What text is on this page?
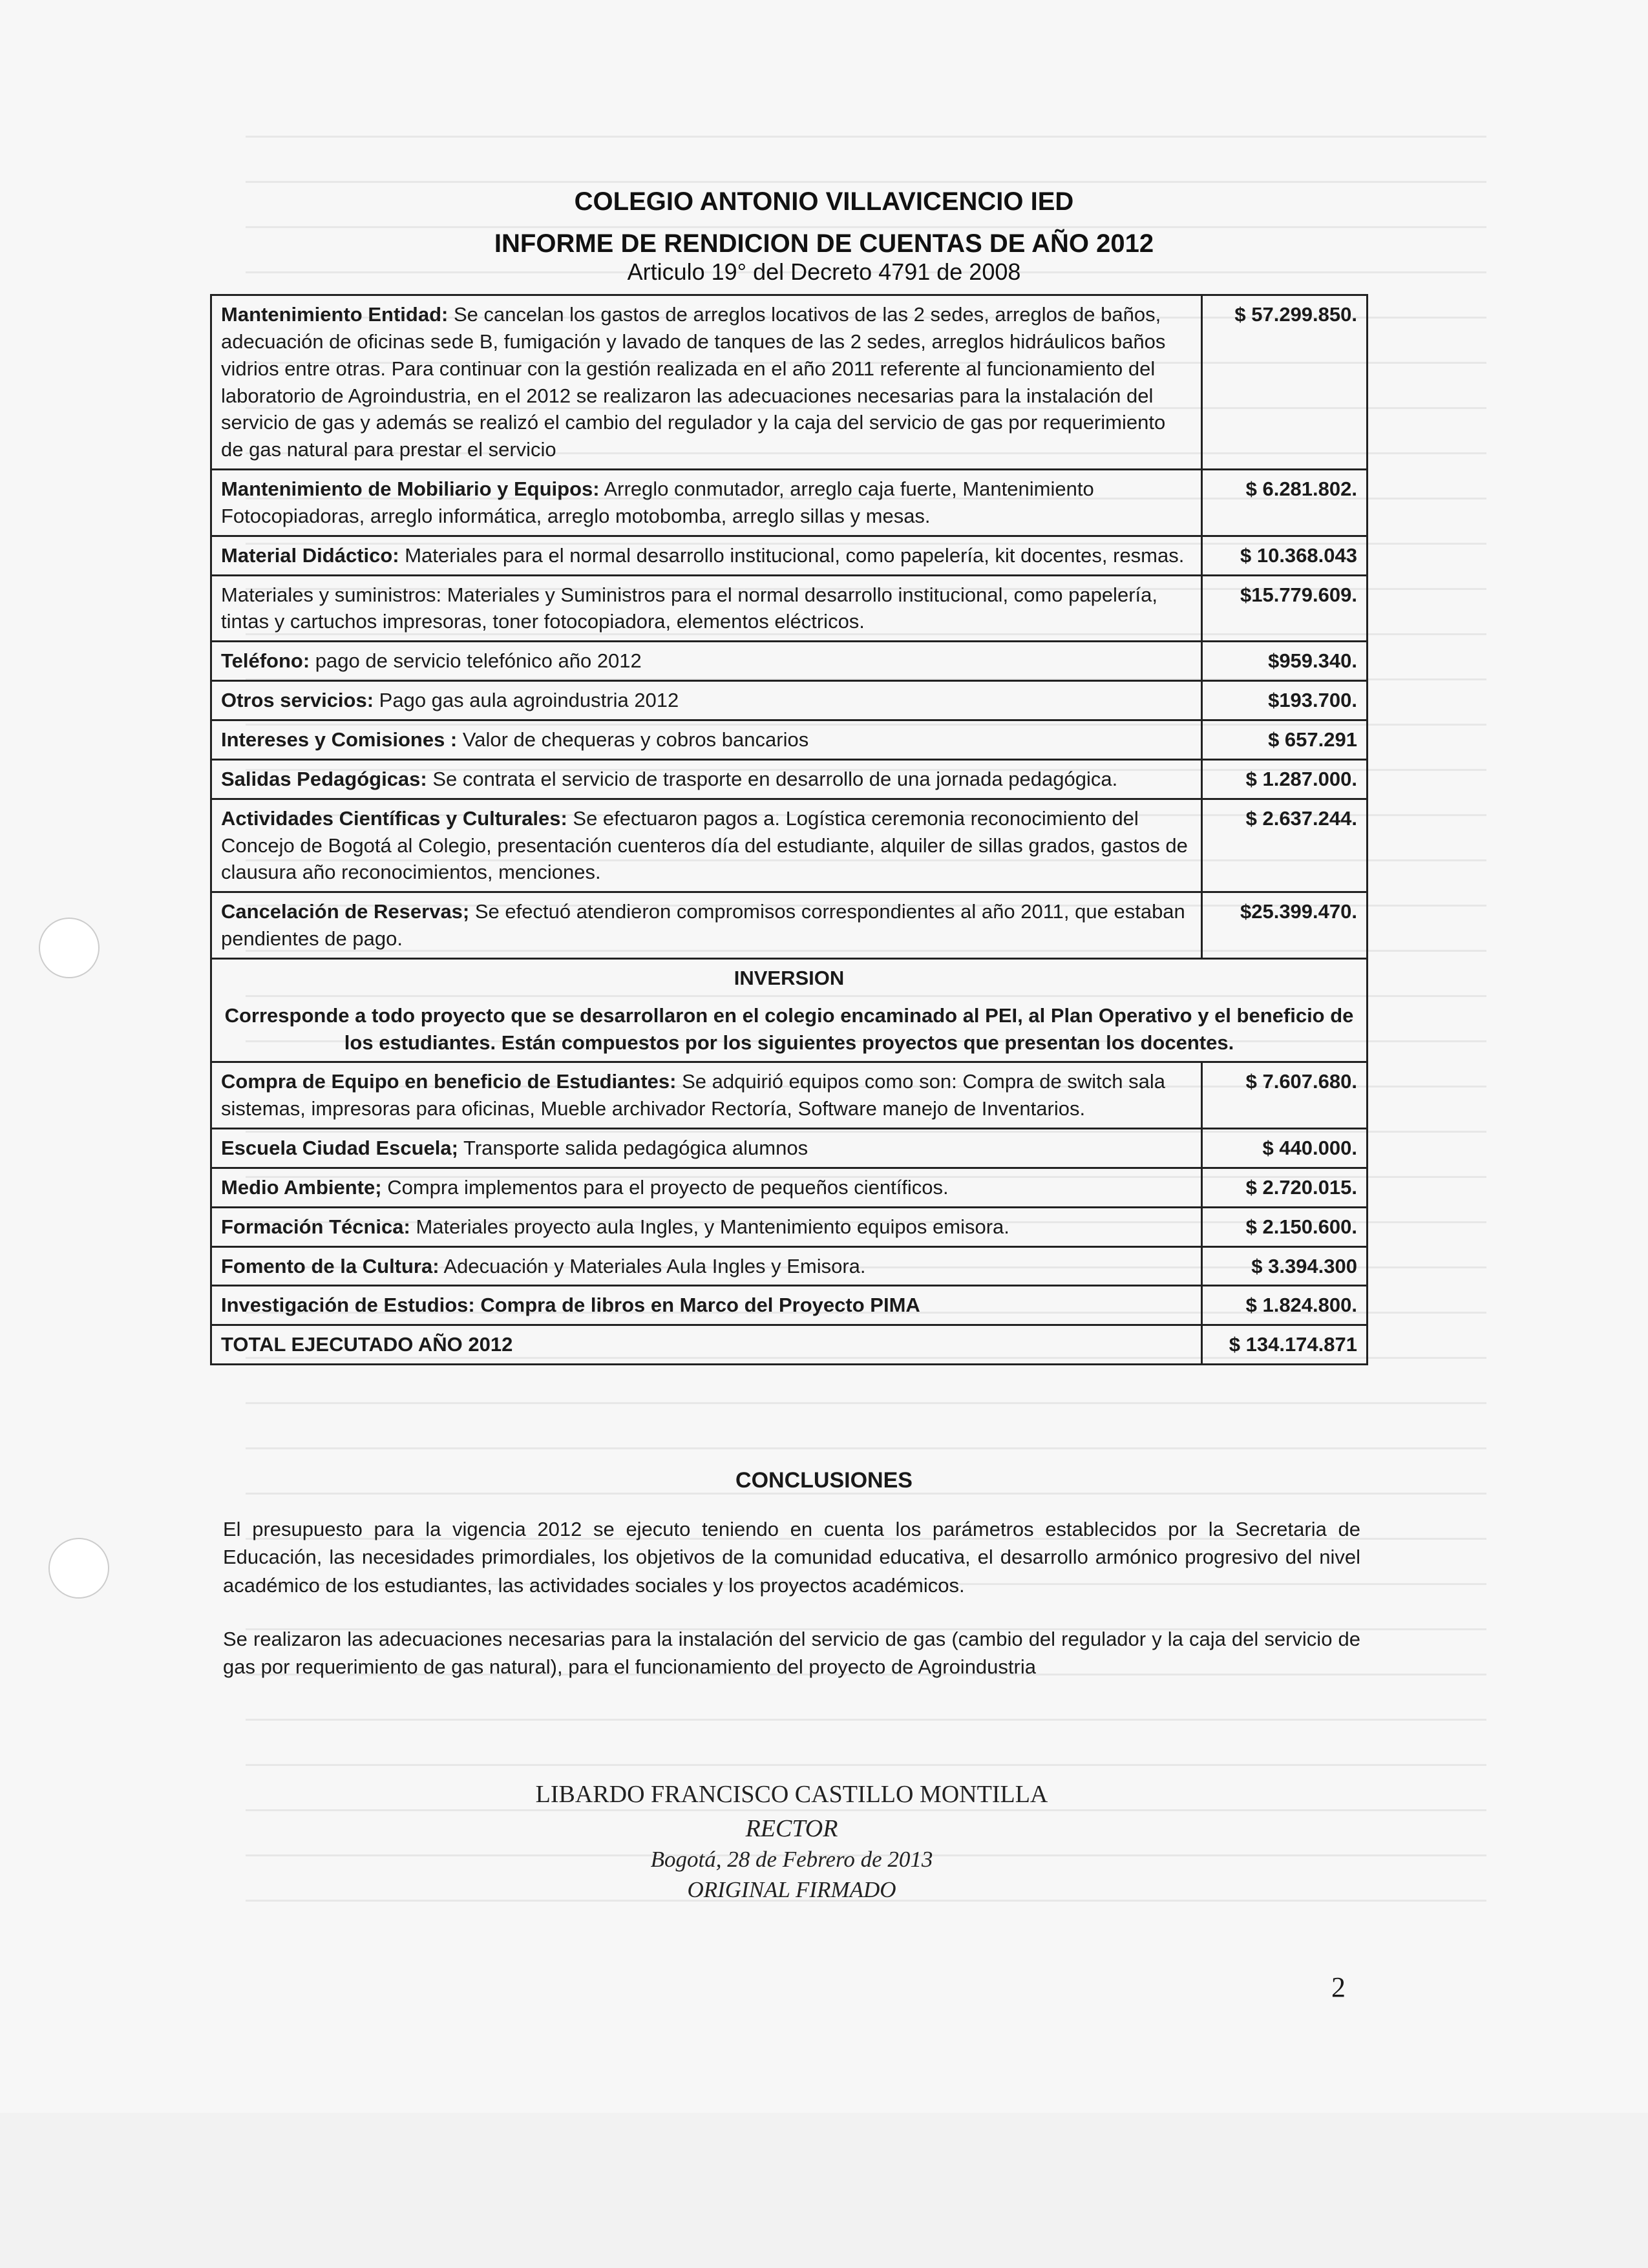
COLEGIO ANTONIO VILLAVICENCIO IED
INFORME DE RENDICION DE CUENTAS DE AÑO 2012
Articulo 19° del Decreto 4791 de 2008
Mantenimiento Entidad: Se cancelan los gastos de arreglos locativos de las 2 sedes, arreglos de baños, adecuación de oficinas sede B, fumigación y lavado de tanques de las 2 sedes, arreglos hidráulicos baños vidrios entre otras. Para continuar con la gestión realizada en el año 2011 referente al funcionamiento del laboratorio de Agroindustria, en el 2012 se realizaron las adecuaciones necesarias para la instalación del servicio de gas y además se realizó el cambio del regulador y la caja del servicio de gas por requerimiento de gas natural para prestar el servicio	$ 57.299.850.
Mantenimiento de Mobiliario y Equipos: Arreglo conmutador, arreglo caja fuerte, Mantenimiento Fotocopiadoras, arreglo informática, arreglo motobomba, arreglo sillas y mesas.	$ 6.281.802.
Material Didáctico: Materiales para el normal desarrollo institucional, como papelería, kit docentes, resmas.	$ 10.368.043
Materiales y suministros: Materiales y Suministros para el normal desarrollo institucional, como papelería, tintas y cartuchos impresoras, toner fotocopiadora, elementos eléctricos.	$15.779.609.
Teléfono: pago de servicio telefónico año 2012	$959.340.
Otros servicios: Pago gas aula agroindustria 2012	$193.700.
Intereses y Comisiones : Valor de chequeras y cobros bancarios	$ 657.291
Salidas Pedagógicas: Se contrata el servicio de trasporte en desarrollo de una jornada pedagógica.	$ 1.287.000.
Actividades Científicas y Culturales: Se efectuaron pagos a. Logística ceremonia reconocimiento del Concejo de Bogotá al Colegio, presentación cuenteros día del estudiante, alquiler de sillas grados, gastos de clausura año reconocimientos, menciones.	$ 2.637.244.
Cancelación de Reservas; Se efectuó atendieron compromisos correspondientes al año 2011, que estaban pendientes de pago.	$25.399.470.

INVERSION
Corresponde a todo proyecto que se desarrollaron en el colegio encaminado al PEI, al Plan Operativo y el beneficio de los estudiantes. Están compuestos por los siguientes proyectos que presentan los docentes.	

Compra de Equipo en beneficio de Estudiantes: Se adquirió equipos como son: Compra de switch sala sistemas, impresoras para oficinas, Mueble archivador Rectoría, Software manejo de Inventarios.	$ 7.607.680.
Escuela Ciudad Escuela; Transporte salida pedagógica alumnos	$ 440.000.
Medio Ambiente; Compra implementos para el proyecto de pequeños científicos.	$ 2.720.015.
Formación Técnica: Materiales proyecto aula Ingles, y Mantenimiento equipos emisora.	$ 2.150.600.
Fomento de la Cultura: Adecuación y Materiales Aula Ingles y Emisora.	$ 3.394.300
Investigación de Estudios: Compra de libros en Marco del Proyecto PIMA	$ 1.824.800.
TOTAL EJECUTADO AÑO 2012	$ 134.174.871
CONCLUSIONES
El presupuesto para la vigencia 2012 se ejecuto teniendo en cuenta los parámetros establecidos por la Secretaria de Educación, las necesidades primordiales, los objetivos de la comunidad educativa, el desarrollo armónico progresivo del nivel académico de los estudiantes, las actividades sociales y los proyectos académicos.
Se realizaron las adecuaciones necesarias para la instalación del servicio de gas (cambio del regulador y la caja del servicio de gas por requerimiento de gas natural), para el funcionamiento del proyecto de Agroindustria
LIBARDO FRANCISCO CASTILLO MONTILLA
RECTOR
Bogotá, 28 de Febrero de 2013
ORIGINAL FIRMADO
2
